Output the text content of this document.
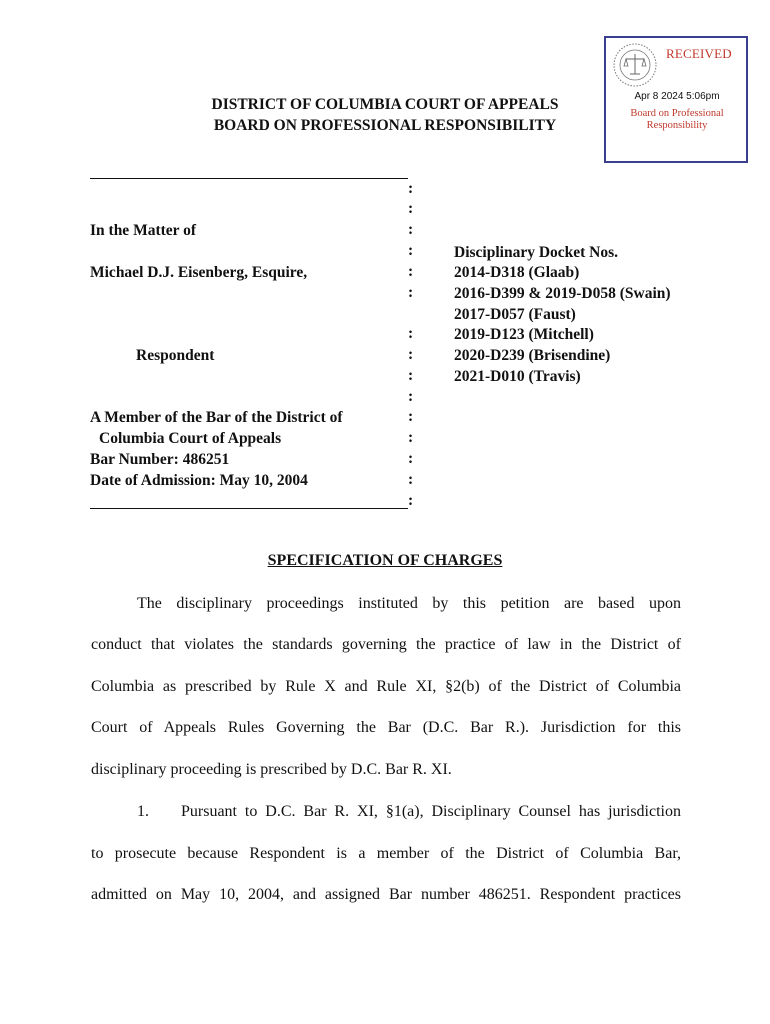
RECEIVED
Apr 8 2024 5:06pm
Board on Professional
Responsibility
DISTRICT OF COLUMBIA COURT OF APPEALS
BOARD ON PROFESSIONAL RESPONSIBILITY
:
:
:
:
:
:
:
:
:
:
:
:
:
:
:
In the Matter of
Michael D.J. Eisenberg, Esquire,
Respondent
A Member of the Bar of the District of
Columbia Court of Appeals
Bar Number: 486251
Date of Admission: May 10, 2004
Disciplinary Docket Nos.
2014-D318 (Glaab)
2016-D399 & 2019-D058 (Swain)
2017-D057 (Faust)
2019-D123 (Mitchell)
2020-D239 (Brisendine)
2021-D010 (Travis)
SPECIFICATION OF CHARGES
The disciplinary proceedings instituted by this petition are based upon
conduct that violates the standards governing the practice of law in the District of
Columbia as prescribed by Rule X and Rule XI, §2(b) of the District of Columbia
Court of Appeals Rules Governing the Bar (D.C. Bar R.). Jurisdiction for this
disciplinary proceeding is prescribed by D.C. Bar R. XI.
1.	Pursuant to D.C. Bar R. XI, §1(a), Disciplinary Counsel has jurisdiction
to prosecute because Respondent is a member of the District of Columbia Bar,
admitted on May 10, 2004, and assigned Bar number 486251. Respondent practices
